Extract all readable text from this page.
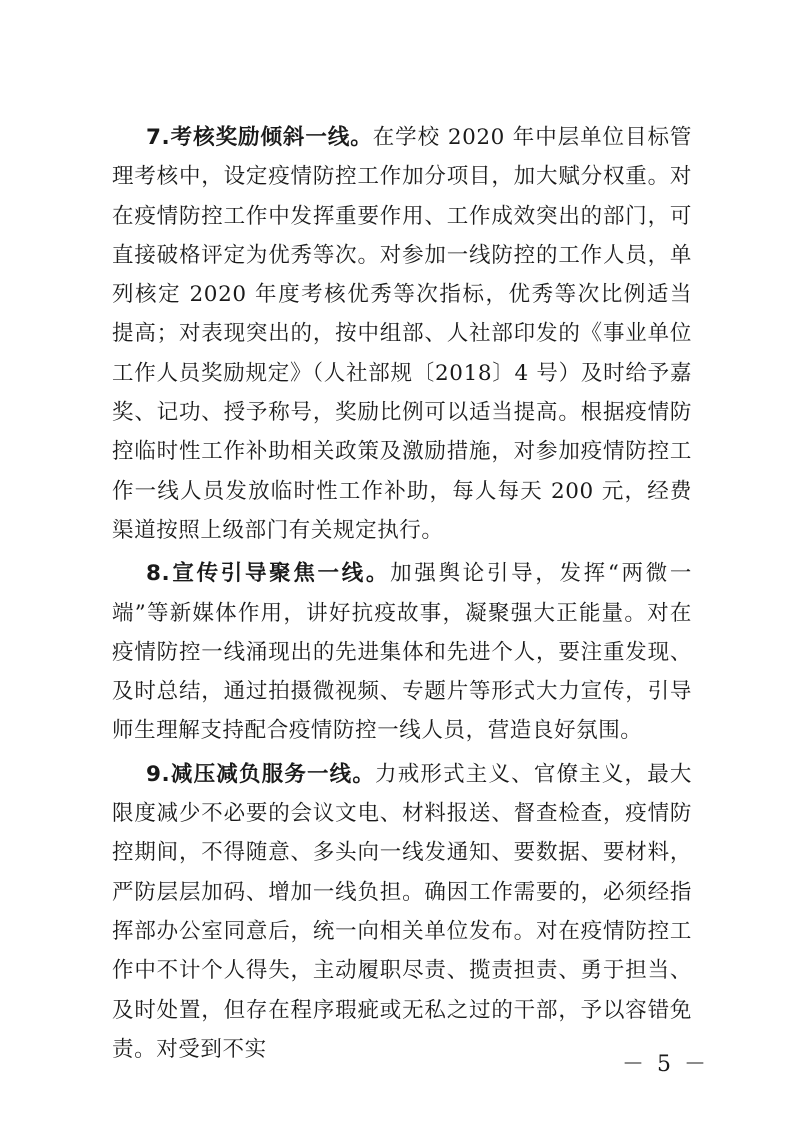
7.考核奖励倾斜一线。在学校 2020 年中层单位目标管理考核中，设定疫情防控工作加分项目，加大赋分权重。对在疫情防控工作中发挥重要作用、工作成效突出的部门，可直接破格评定为优秀等次。对参加一线防控的工作人员，单列核定 2020 年度考核优秀等次指标，优秀等次比例适当提高；对表现突出的，按中组部、人社部印发的《事业单位工作人员奖励规定》（人社部规〔2018〕4 号）及时给予嘉奖、记功、授予称号，奖励比例可以适当提高。根据疫情防控临时性工作补助相关政策及激励措施，对参加疫情防控工作一线人员发放临时性工作补助，每人每天 200 元，经费渠道按照上级部门有关规定执行。

8.宣传引导聚焦一线。加强舆论引导，发挥“两微一端”等新媒体作用，讲好抗疫故事，凝聚强大正能量。对在疫情防控一线涌现出的先进集体和先进个人，要注重发现、及时总结，通过拍摄微视频、专题片等形式大力宣传，引导师生理解支持配合疫情防控一线人员，营造良好氛围。

9.减压减负服务一线。力戒形式主义、官僚主义，最大限度减少不必要的会议文电、材料报送、督查检查，疫情防控期间，不得随意、多头向一线发通知、要数据、要材料，严防层层加码、增加一线负担。确因工作需要的，必须经指挥部办公室同意后，统一向相关单位发布。对在疫情防控工作中不计个人得失，主动履职尽责、揽责担责、勇于担当、及时处置，但存在程序瑕疵或无私之过的干部，予以容错免责。对受到不实

－ 5 －
